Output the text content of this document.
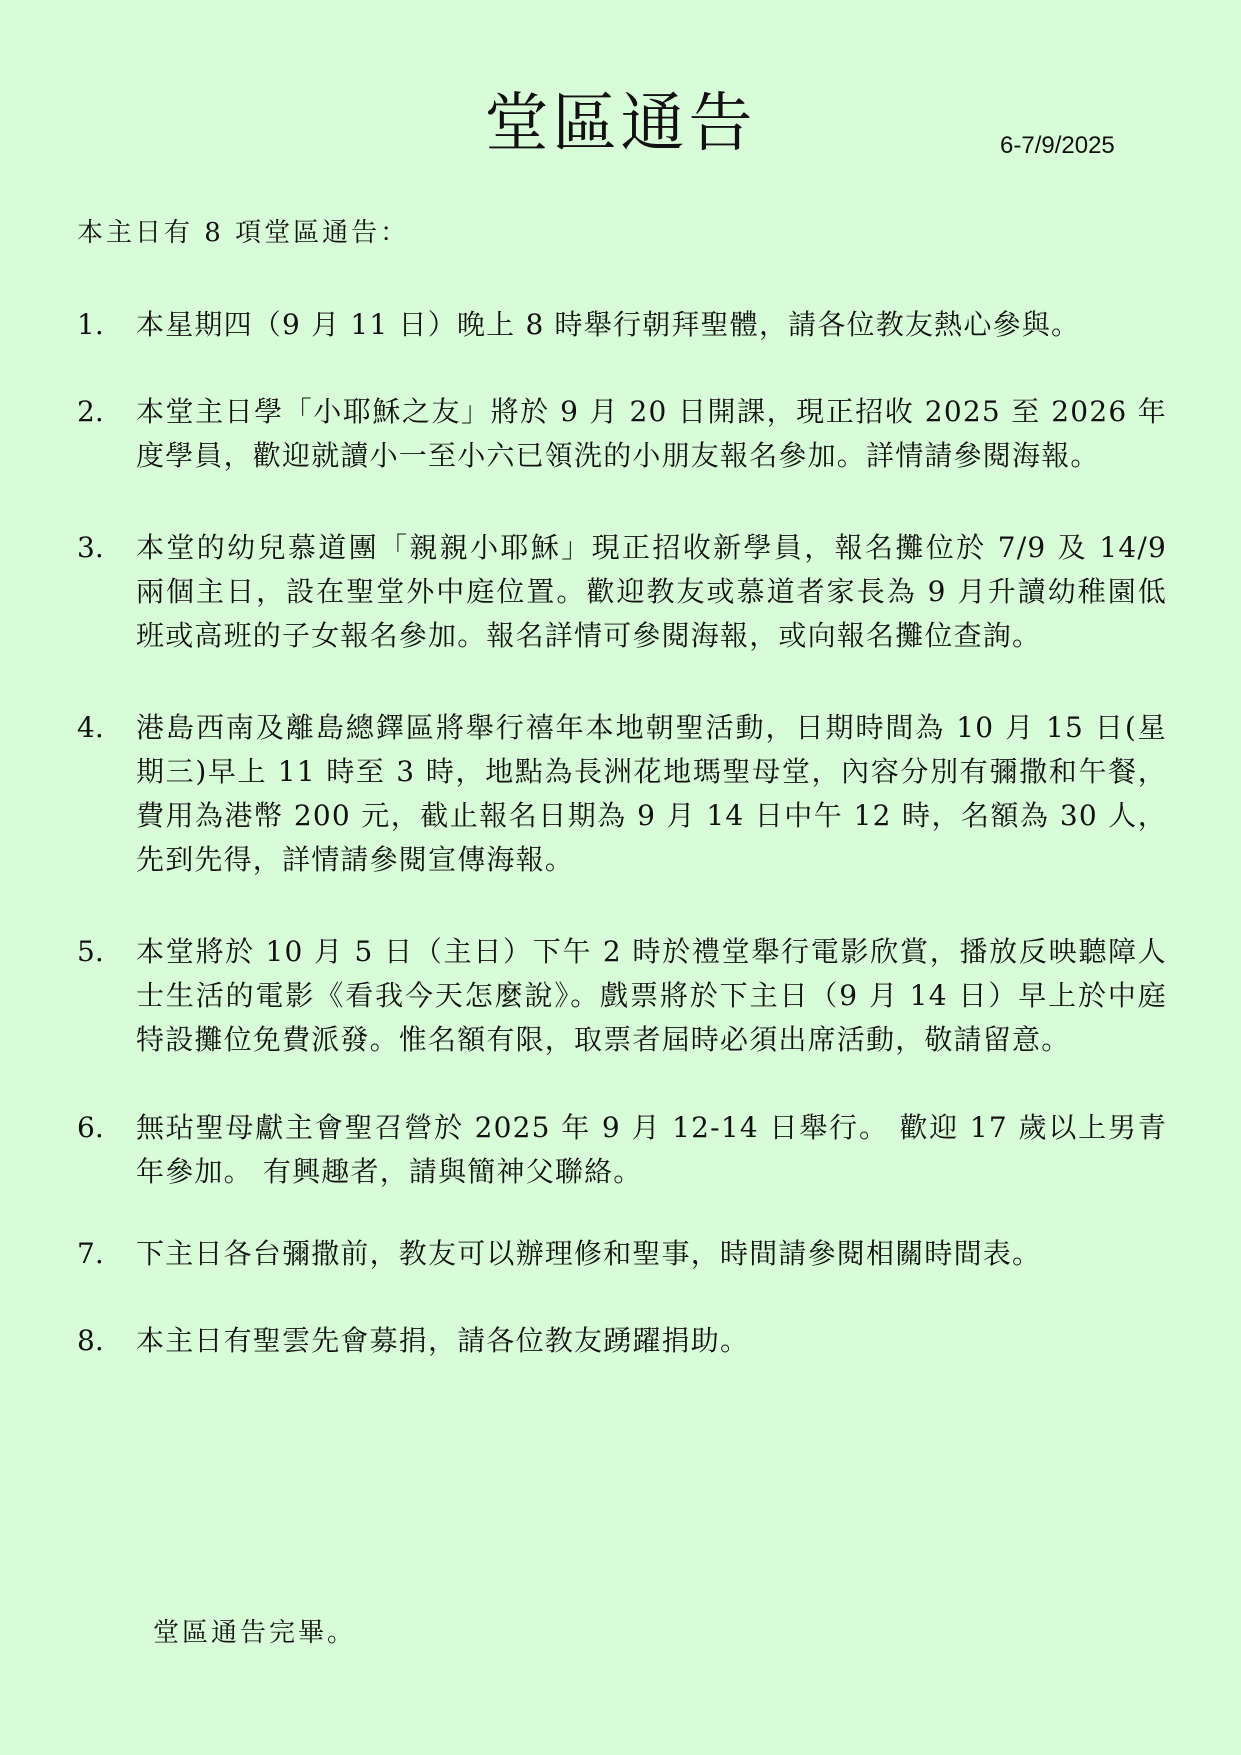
堂區通告	6-7/9/2025
本主日有 8 項堂區通告：
1.	本星期四（9 月 11 日）晚上 8 時舉行朝拜聖體，請各位教友熱心參與。
2.	本堂主日學「小耶穌之友」將於 9 月 20 日開課，現正招收 2025 至 2026 年度學員，歡迎就讀小一至小六已領洗的小朋友報名參加。詳情請參閱海報。
3.	本堂的幼兒慕道團「親親小耶穌」現正招收新學員，報名攤位於 7/9 及 14/9 兩個主日，設在聖堂外中庭位置。歡迎教友或慕道者家長為 9 月升讀幼稚園低班或高班的子女報名參加。報名詳情可參閱海報，或向報名攤位查詢。
4.	港島西南及離島總鐸區將舉行禧年本地朝聖活動，日期時間為 10 月 15 日(星期三)早上 11 時至 3 時，地點為長洲花地瑪聖母堂，內容分別有彌撒和午餐，費用為港幣 200 元，截止報名日期為 9 月 14 日中午 12 時，名額為 30 人，先到先得，詳情請參閱宣傳海報。
5.	本堂將於 10 月 5 日（主日）下午 2 時於禮堂舉行電影欣賞，播放反映聽障人士生活的電影《看我今天怎麼說》。戲票將於下主日（9 月 14 日）早上於中庭特設攤位免費派發。惟名額有限，取票者屆時必須出席活動，敬請留意。
6.	無玷聖母獻主會聖召營於 2025 年 9 月 12-14 日舉行。 歡迎 17 歲以上男青年參加。 有興趣者，請與簡神父聯絡。
7.	下主日各台彌撒前，教友可以辦理修和聖事，時間請參閱相關時間表。
8.	本主日有聖雲先會募捐，請各位教友踴躍捐助。
堂區通告完畢。
